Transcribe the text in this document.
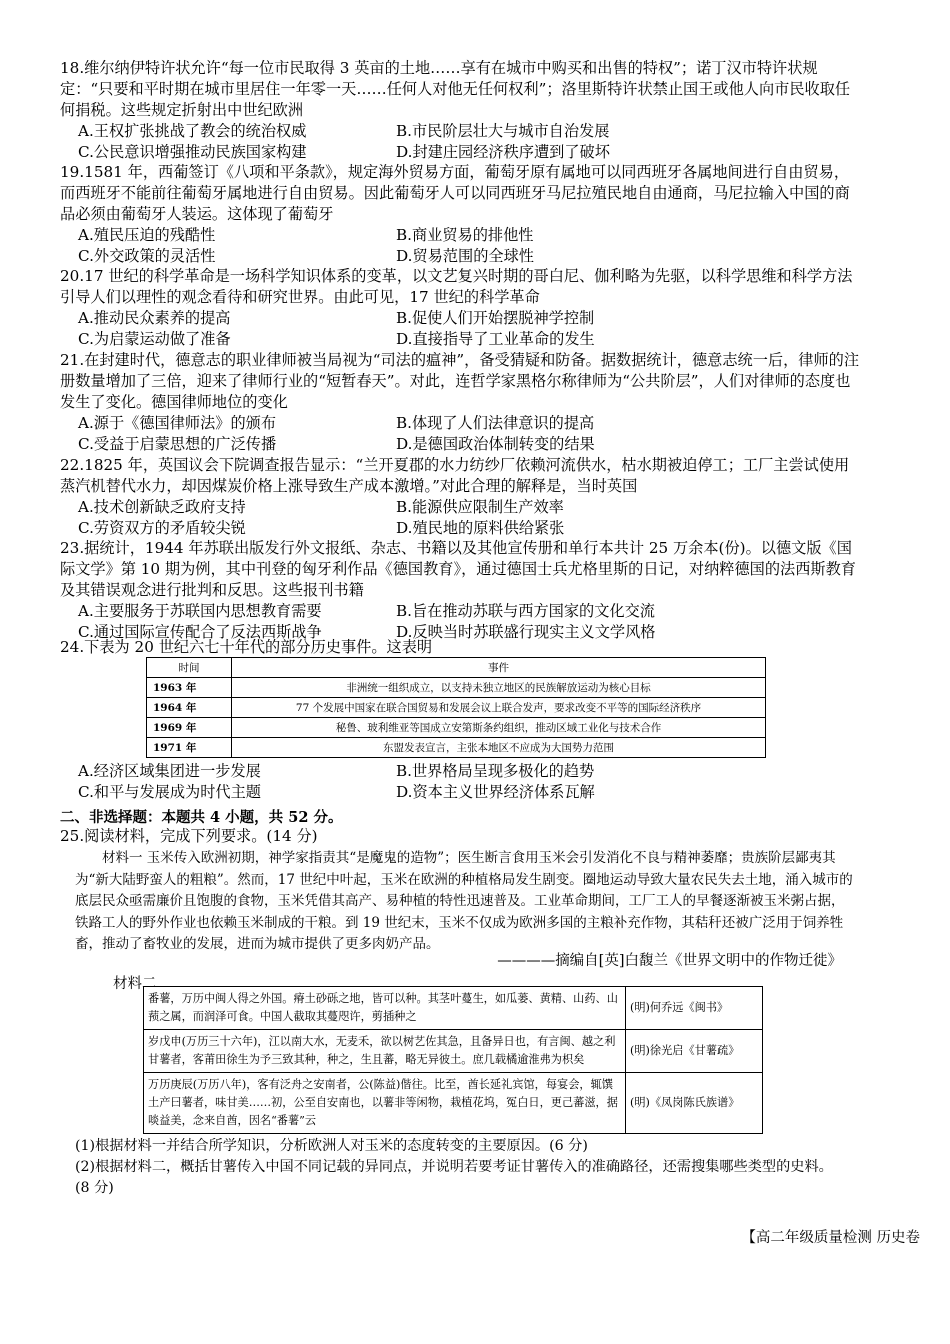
18.维尔纳伊特许状允许“每一位市民取得 3 英亩的土地……享有在城市中购买和出售的特权”；诺丁汉市特许状规定：“只要和平时期在城市里居住一年零一天……任何人对他无任何权利”；洛里斯特许状禁止国王或他人向市民收取任何捐税。这些规定折射出中世纪欧洲

A.王权扩张挑战了教会的统治权威	B.市民阶层壮大与城市自治发展
C.公民意识增强推动民族国家构建	D.封建庄园经济秩序遭到了破坏

19.1581 年，西葡签订《八项和平条款》，规定海外贸易方面，葡萄牙原有属地可以同西班牙各属地间进行自由贸易，而西班牙不能前往葡萄牙属地进行自由贸易。因此葡萄牙人可以同西班牙马尼拉殖民地自由通商，马尼拉输入中国的商品必须由葡萄牙人装运。这体现了葡萄牙

A.殖民压迫的残酷性	B.商业贸易的排他性
C.外交政策的灵活性	D.贸易范围的全球性

20.17 世纪的科学革命是一场科学知识体系的变革，以文艺复兴时期的哥白尼、伽利略为先驱，以科学思维和科学方法引导人们以理性的观念看待和研究世界。由此可见，17 世纪的科学革命

A.推动民众素养的提高	B.促使人们开始摆脱神学控制
C.为启蒙运动做了准备	D.直接指导了工业革命的发生

21.在封建时代，德意志的职业律师被当局视为“司法的瘟神”，备受猜疑和防备。据数据统计，德意志统一后，律师的注册数量增加了三倍，迎来了律师行业的“短暂春天”。对此，连哲学家黑格尔称律师为“公共阶层”，人们对律师的态度也发生了变化。德国律师地位的变化

A.源于《德国律师法》的颁布	B.体现了人们法律意识的提高
C.受益于启蒙思想的广泛传播	D.是德国政治体制转变的结果

22.1825 年，英国议会下院调查报告显示：“兰开夏郡的水力纺纱厂依赖河流供水，枯水期被迫停工；工厂主尝试使用蒸汽机替代水力，却因煤炭价格上涨导致生产成本激增。”对此合理的解释是，当时英国

A.技术创新缺乏政府支持	B.能源供应限制生产效率
C.劳资双方的矛盾较尖锐	D.殖民地的原料供给紧张

23.据统计，1944 年苏联出版发行外文报纸、杂志、书籍以及其他宣传册和单行本共计 25 万余本(份)。以德文版《国际文学》第 10 期为例，其中刊登的匈牙利作品《德国教育》，通过德国士兵尤格里斯的日记，对纳粹德国的法西斯教育及其错误观念进行批判和反思。这些报刊书籍

A.主要服务于苏联国内思想教育需要	B.旨在推动苏联与西方国家的文化交流
C.通过国际宣传配合了反法西斯战争	D.反映当时苏联盛行现实主义文学风格

24.下表为 20 世纪六七十年代的部分历史事件。这表明

时间	事件
1963 年	非洲统一组织成立，以支持未独立地区的民族解放运动为核心目标
1964 年	77 个发展中国家在联合国贸易和发展会议上联合发声，要求改变不平等的国际经济秩序
1969 年	秘鲁、玻利维亚等国成立安第斯条约组织，推动区域工业化与技术合作
1971 年	东盟发表宣言，主张本地区不应成为大国势力范围
A.经济区域集团进一步发展	B.世界格局呈现多极化的趋势
C.和平与发展成为时代主题	D.资本主义世界经济体系瓦解
二、非选择题：本题共 4 小题，共 52 分。

25.阅读材料，完成下列要求。(14 分)

材料一 玉米传入欧洲初期，神学家指责其“是魔鬼的造物”；医生断言食用玉米会引发消化不良与精神萎靡；贵族阶层鄙夷其为“新大陆野蛮人的粗粮”。然而，17 世纪中叶起，玉米在欧洲的种植格局发生剧变。圈地运动导致大量农民失去土地，涌入城市的底层民众亟需廉价且饱腹的食物，玉米凭借其高产、易种植的特性迅速普及。工业革命期间，工厂工人的早餐逐渐被玉米粥占据，铁路工人的野外作业也依赖玉米制成的干粮。到 19 世纪末，玉米不仅成为欧洲多国的主粮补充作物，其秸秆还被广泛用于饲养牲畜，推动了畜牧业的发展，进而为城市提供了更多肉奶产品。
————摘编自[英]白馥兰《世界文明中的作物迁徙》
材料二
番薯，万历中闽人得之外国。瘠土砂砾之地，皆可以种。其茎叶蔓生，如瓜蒌、黄精、山药、山蓣之属，而润泽可食。中国人截取其蔓咫许，剪插种之	(明)何乔远《闽书》
岁戊申(万历三十六年)，江以南大水，无麦禾，欲以树艺佐其急，且备异日也，有言闽、越之利甘薯者，客莆田徐生为予三致其种，种之，生且蕃，略无异彼土。庶几载橘逾淮弗为枳矣	(明)徐光启《甘薯疏》
万历庚辰(万历八年)，客有泛舟之安南者，公(陈益)偕往。比至，酋长延礼宾馆，每宴会，辄馔土产曰薯者，味甘美……初，公至自安南也，以薯非等闲物，栽植花坞，冤白日，更己蕃滋，据啖益美，念来自酋，因名“番薯”云	(明)《凤岗陈氏族谱》
(1)根据材料一并结合所学知识，分析欧洲人对玉米的态度转变的主要原因。(6 分)
(2)根据材料二，概括甘薯传入中国不同记载的异同点，并说明若要考证甘薯传入的准确路径，还需搜集哪些类型的史料。
(8 分)
【高二年级质量检测 历史卷
